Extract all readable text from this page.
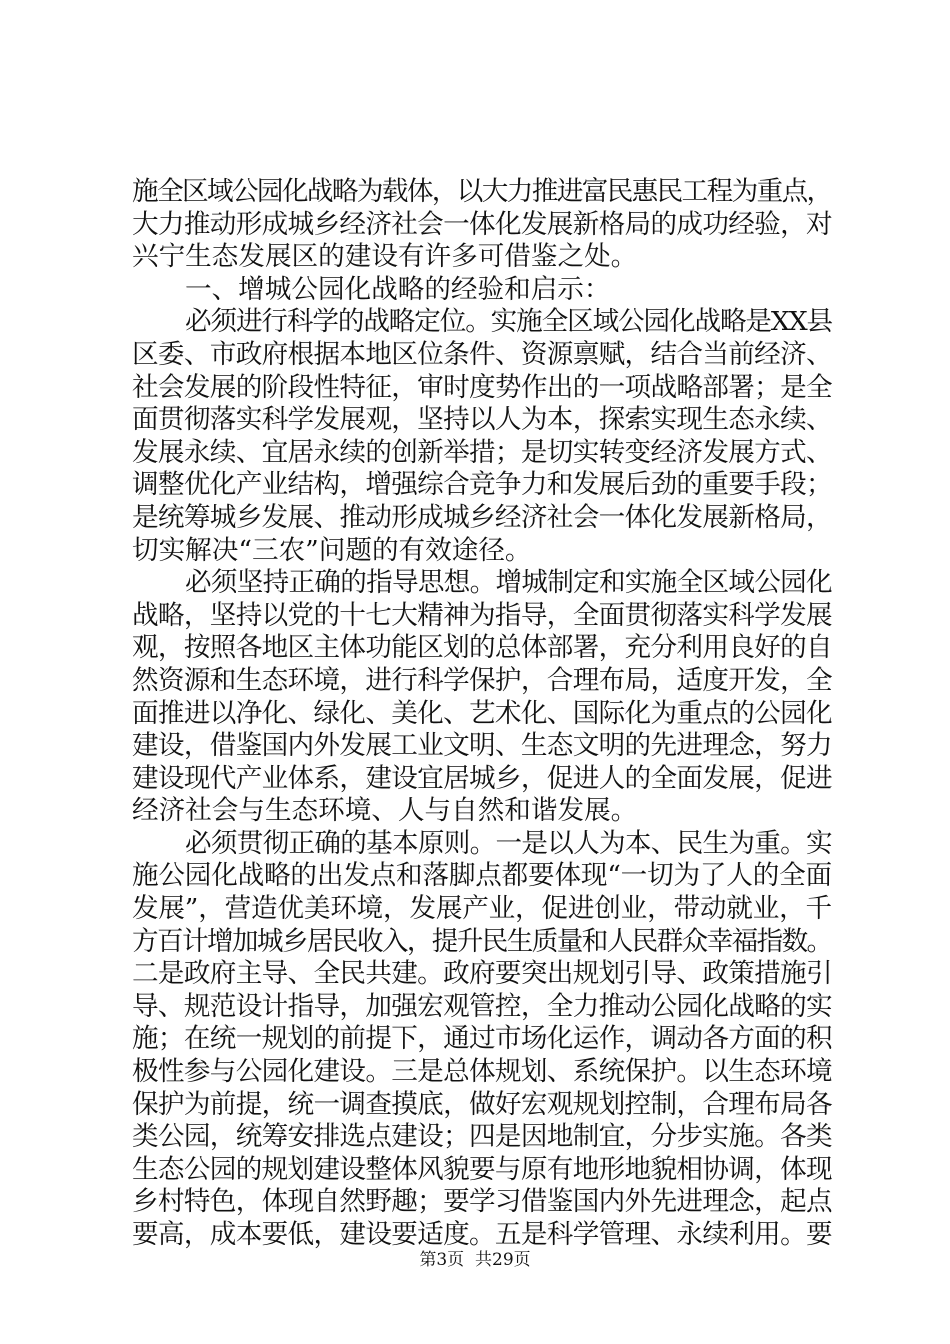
施全区域公园化战略为载体，以大力推进富民惠民工程为重点，
大力推动形成城乡经济社会一体化发展新格局的成功经验，对
兴宁生态发展区的建设有许多可借鉴之处。
一、增城公园化战略的经验和启示：
必须进行科学的战略定位。实施全区域公园化战略是XX县
区委、市政府根据本地区位条件、资源禀赋，结合当前经济、
社会发展的阶段性特征，审时度势作出的一项战略部署；是全
面贯彻落实科学发展观，坚持以人为本，探索实现生态永续、
发展永续、宜居永续的创新举措；是切实转变经济发展方式、
调整优化产业结构，增强综合竞争力和发展后劲的重要手段；
是统筹城乡发展、推动形成城乡经济社会一体化发展新格局，
切实解决“三农”问题的有效途径。
必须坚持正确的指导思想。增城制定和实施全区域公园化
战略，坚持以党的十七大精神为指导，全面贯彻落实科学发展
观，按照各地区主体功能区划的总体部署，充分利用良好的自
然资源和生态环境，进行科学保护，合理布局，适度开发，全
面推进以净化、绿化、美化、艺术化、国际化为重点的公园化
建设，借鉴国内外发展工业文明、生态文明的先进理念，努力
建设现代产业体系，建设宜居城乡，促进人的全面发展，促进
经济社会与生态环境、人与自然和谐发展。
必须贯彻正确的基本原则。一是以人为本、民生为重。实
施公园化战略的出发点和落脚点都要体现“一切为了人的全面
发展”，营造优美环境，发展产业，促进创业，带动就业，千
方百计增加城乡居民收入，提升民生质量和人民群众幸福指数。
二是政府主导、全民共建。政府要突出规划引导、政策措施引
导、规范设计指导，加强宏观管控，全力推动公园化战略的实
施；在统一规划的前提下，通过市场化运作，调动各方面的积
极性参与公园化建设。三是总体规划、系统保护。以生态环境
保护为前提，统一调查摸底，做好宏观规划控制，合理布局各
类公园，统筹安排选点建设；四是因地制宜，分步实施。各类
生态公园的规划建设整体风貌要与原有地形地貌相协调，体现
乡村特色，体现自然野趣；要学习借鉴国内外先进理念，起点
要高，成本要低，建设要适度。五是科学管理、永续利用。要
第3页 共29页
